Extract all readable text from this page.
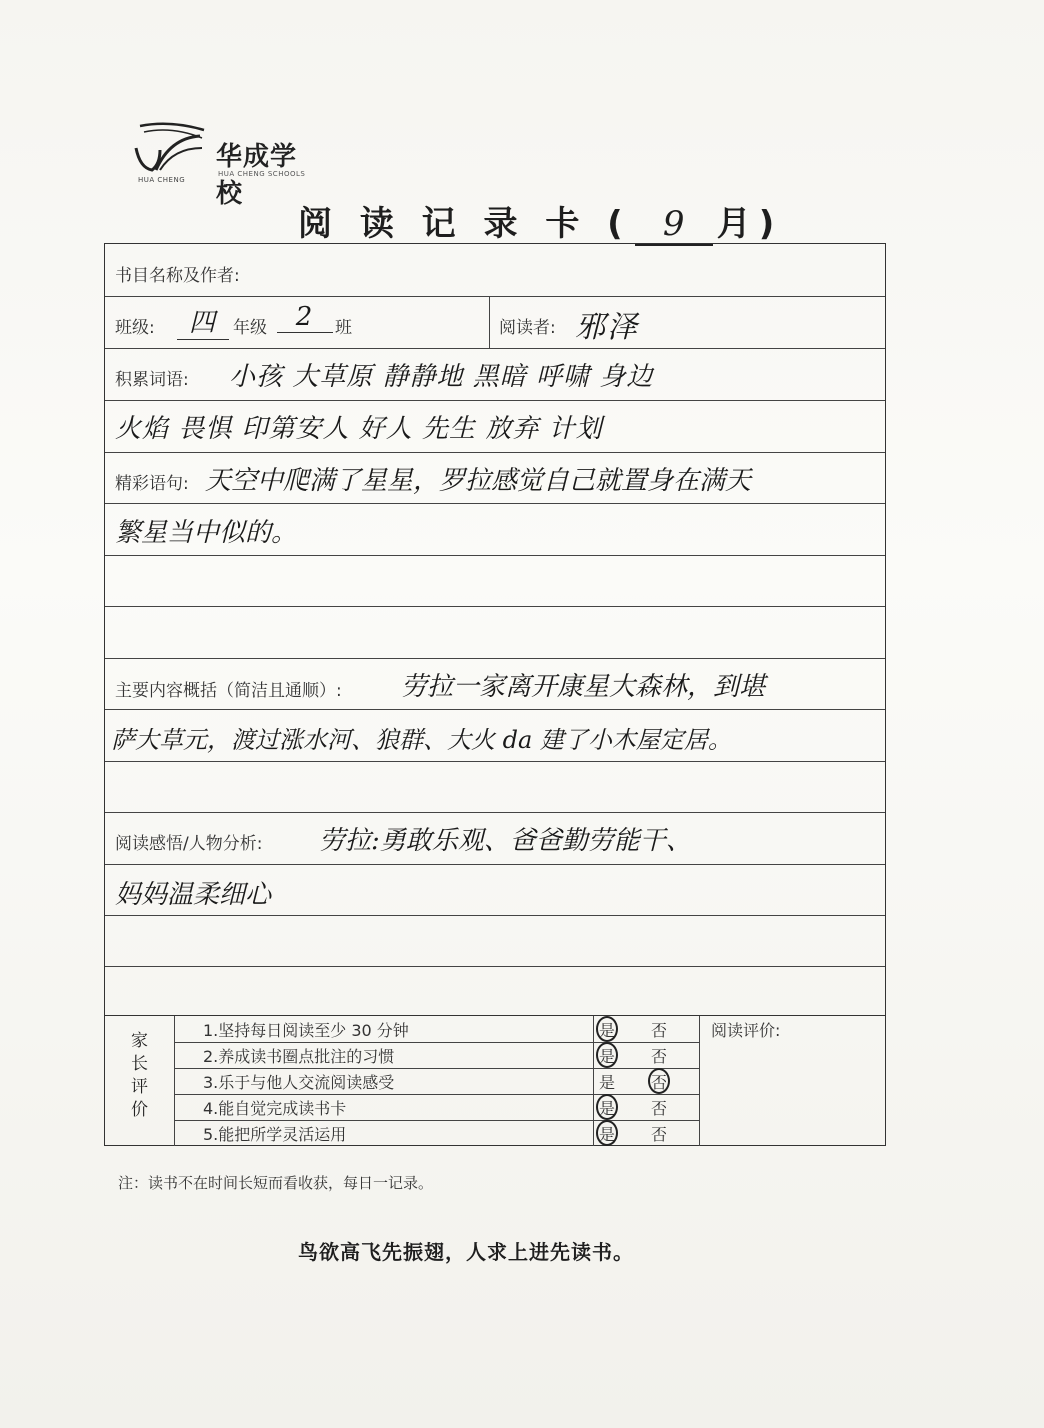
HUA CHENG
华成学校
HUA CHENG SCHOOLS
阅 读 记 录 卡 ( 9 月)
书目名称及作者:
班级:	四 年级	2	班	阅读者: 邪泽
积累词语: 小孩 大草原 静静地 黑暗 呼啸 身边
火焰 畏惧 印第安人 好人 先生 放弃 计划
精彩语句: 天空中爬满了星星，罗拉感觉自己就置身在满天
繁星当中似的。
主要内容概括（简洁且通顺）: 劳拉一家离开康星大森林，到堪
萨大草元，渡过涨水河、狼群、大火 da 建了小木屋定居。
阅读感悟/人物分析: 劳拉:勇敢乐观、爸爸勤劳能干、
妈妈温柔细心
家
长
评
价
1.坚持每日阅读至少 30 分钟	是 否
2.养成读书圈点批注的习惯	是 否
3.乐于与他人交流阅读感受	是 否
4.能自觉完成读书卡	是 否
5.能把所学灵活运用	是 否
阅读评价:
注：读书不在时间长短而看收获，每日一记录。
鸟欲高飞先振翅，人求上进先读书。
